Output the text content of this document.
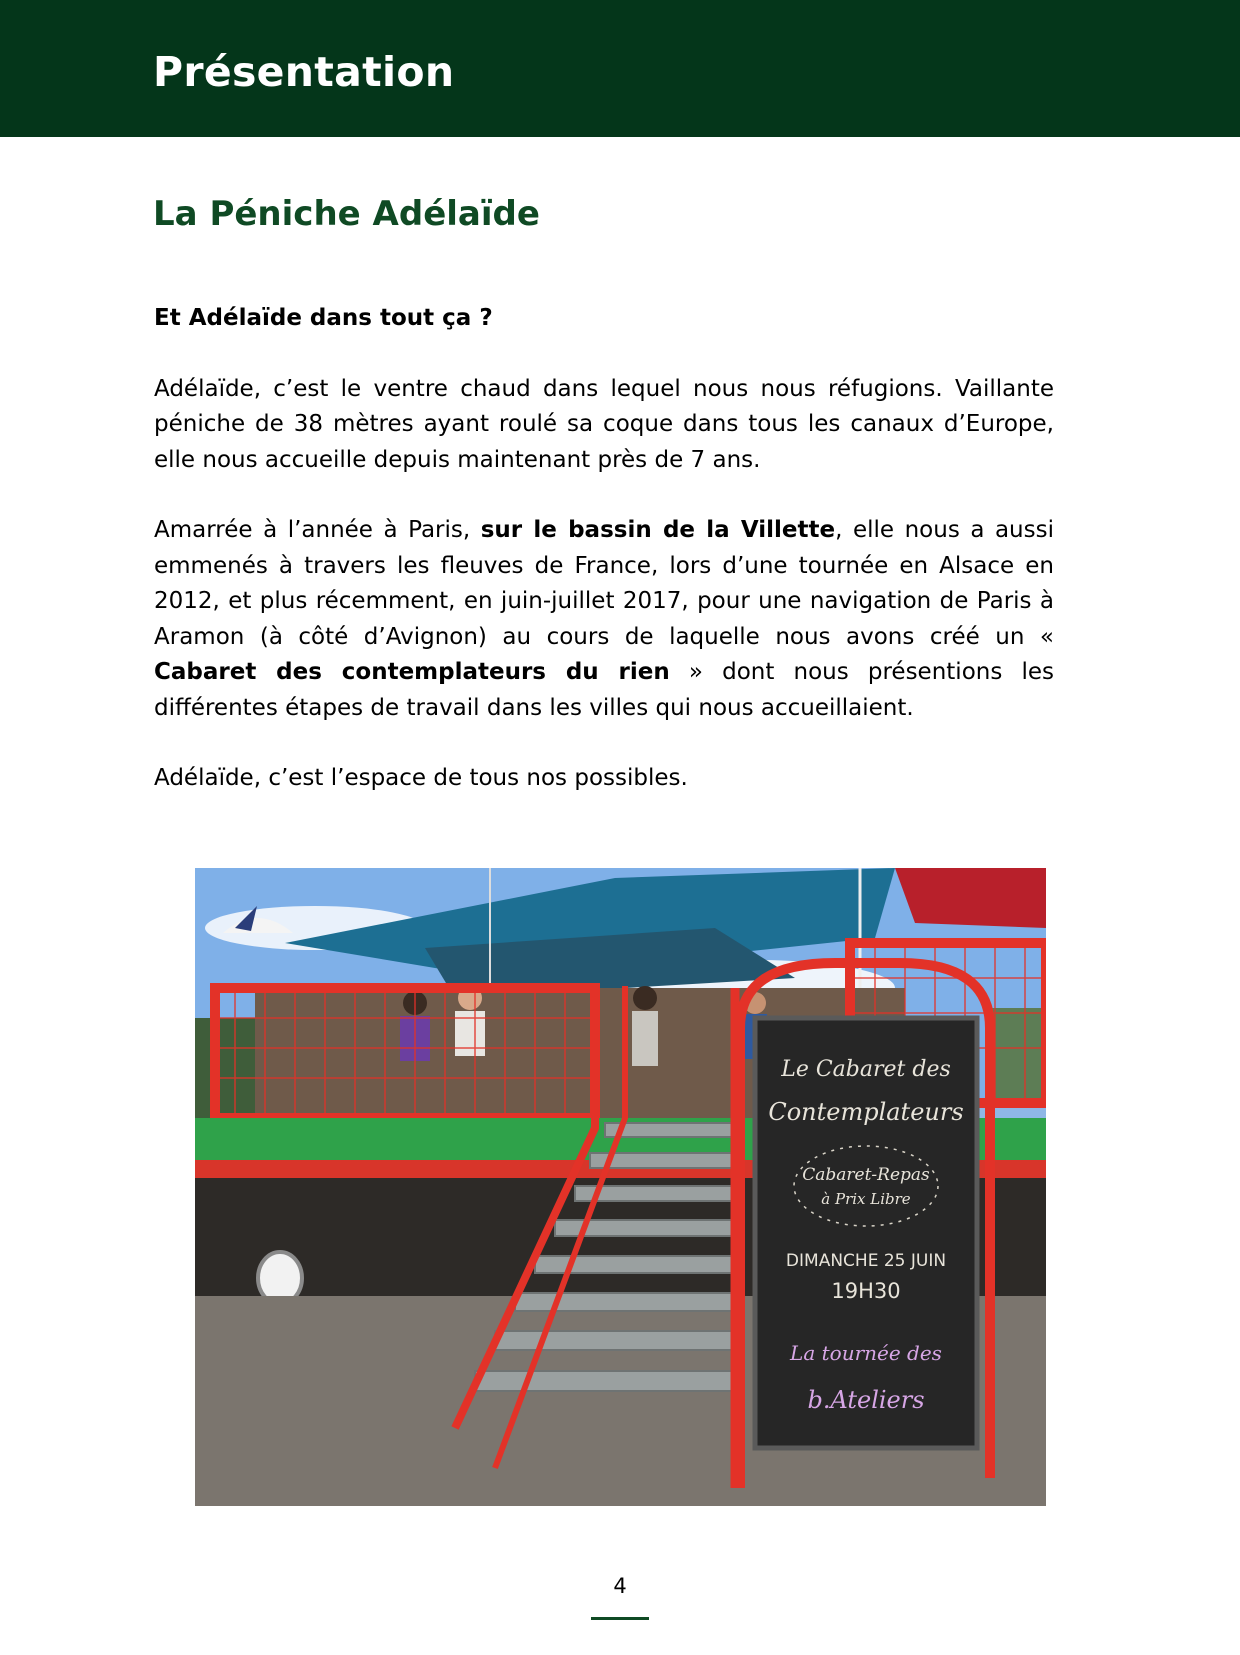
Présentation
La Péniche Adélaïde

Et Adélaïde dans tout ça ?

Adélaïde, c’est le ventre chaud dans lequel nous nous réfugions. Vaillante péniche de 38 mètres ayant roulé sa coque dans tous les canaux d’Europe, elle nous accueille depuis maintenant près de 7 ans.

Amarrée à l’année à Paris, sur le bassin de la Villette, elle nous a aussi emmenés à travers les fleuves de France, lors d’une tournée en Alsace en 2012, et plus récemment, en juin-juillet 2017, pour une navigation de Paris à Aramon (à côté d’Avignon) au cours de laquelle nous avons créé un « Cabaret des contemplateurs du rien » dont nous présentions les différentes étapes de travail dans les villes qui nous accueillaient.

Adélaïde, c’est l’espace de tous nos possibles.

Le Cabaret des
Contemplateurs
Cabaret-Repas
à Prix Libre
DIMANCHE 25 JUIN
19H30
La tournée des
b.Ateliers
4
